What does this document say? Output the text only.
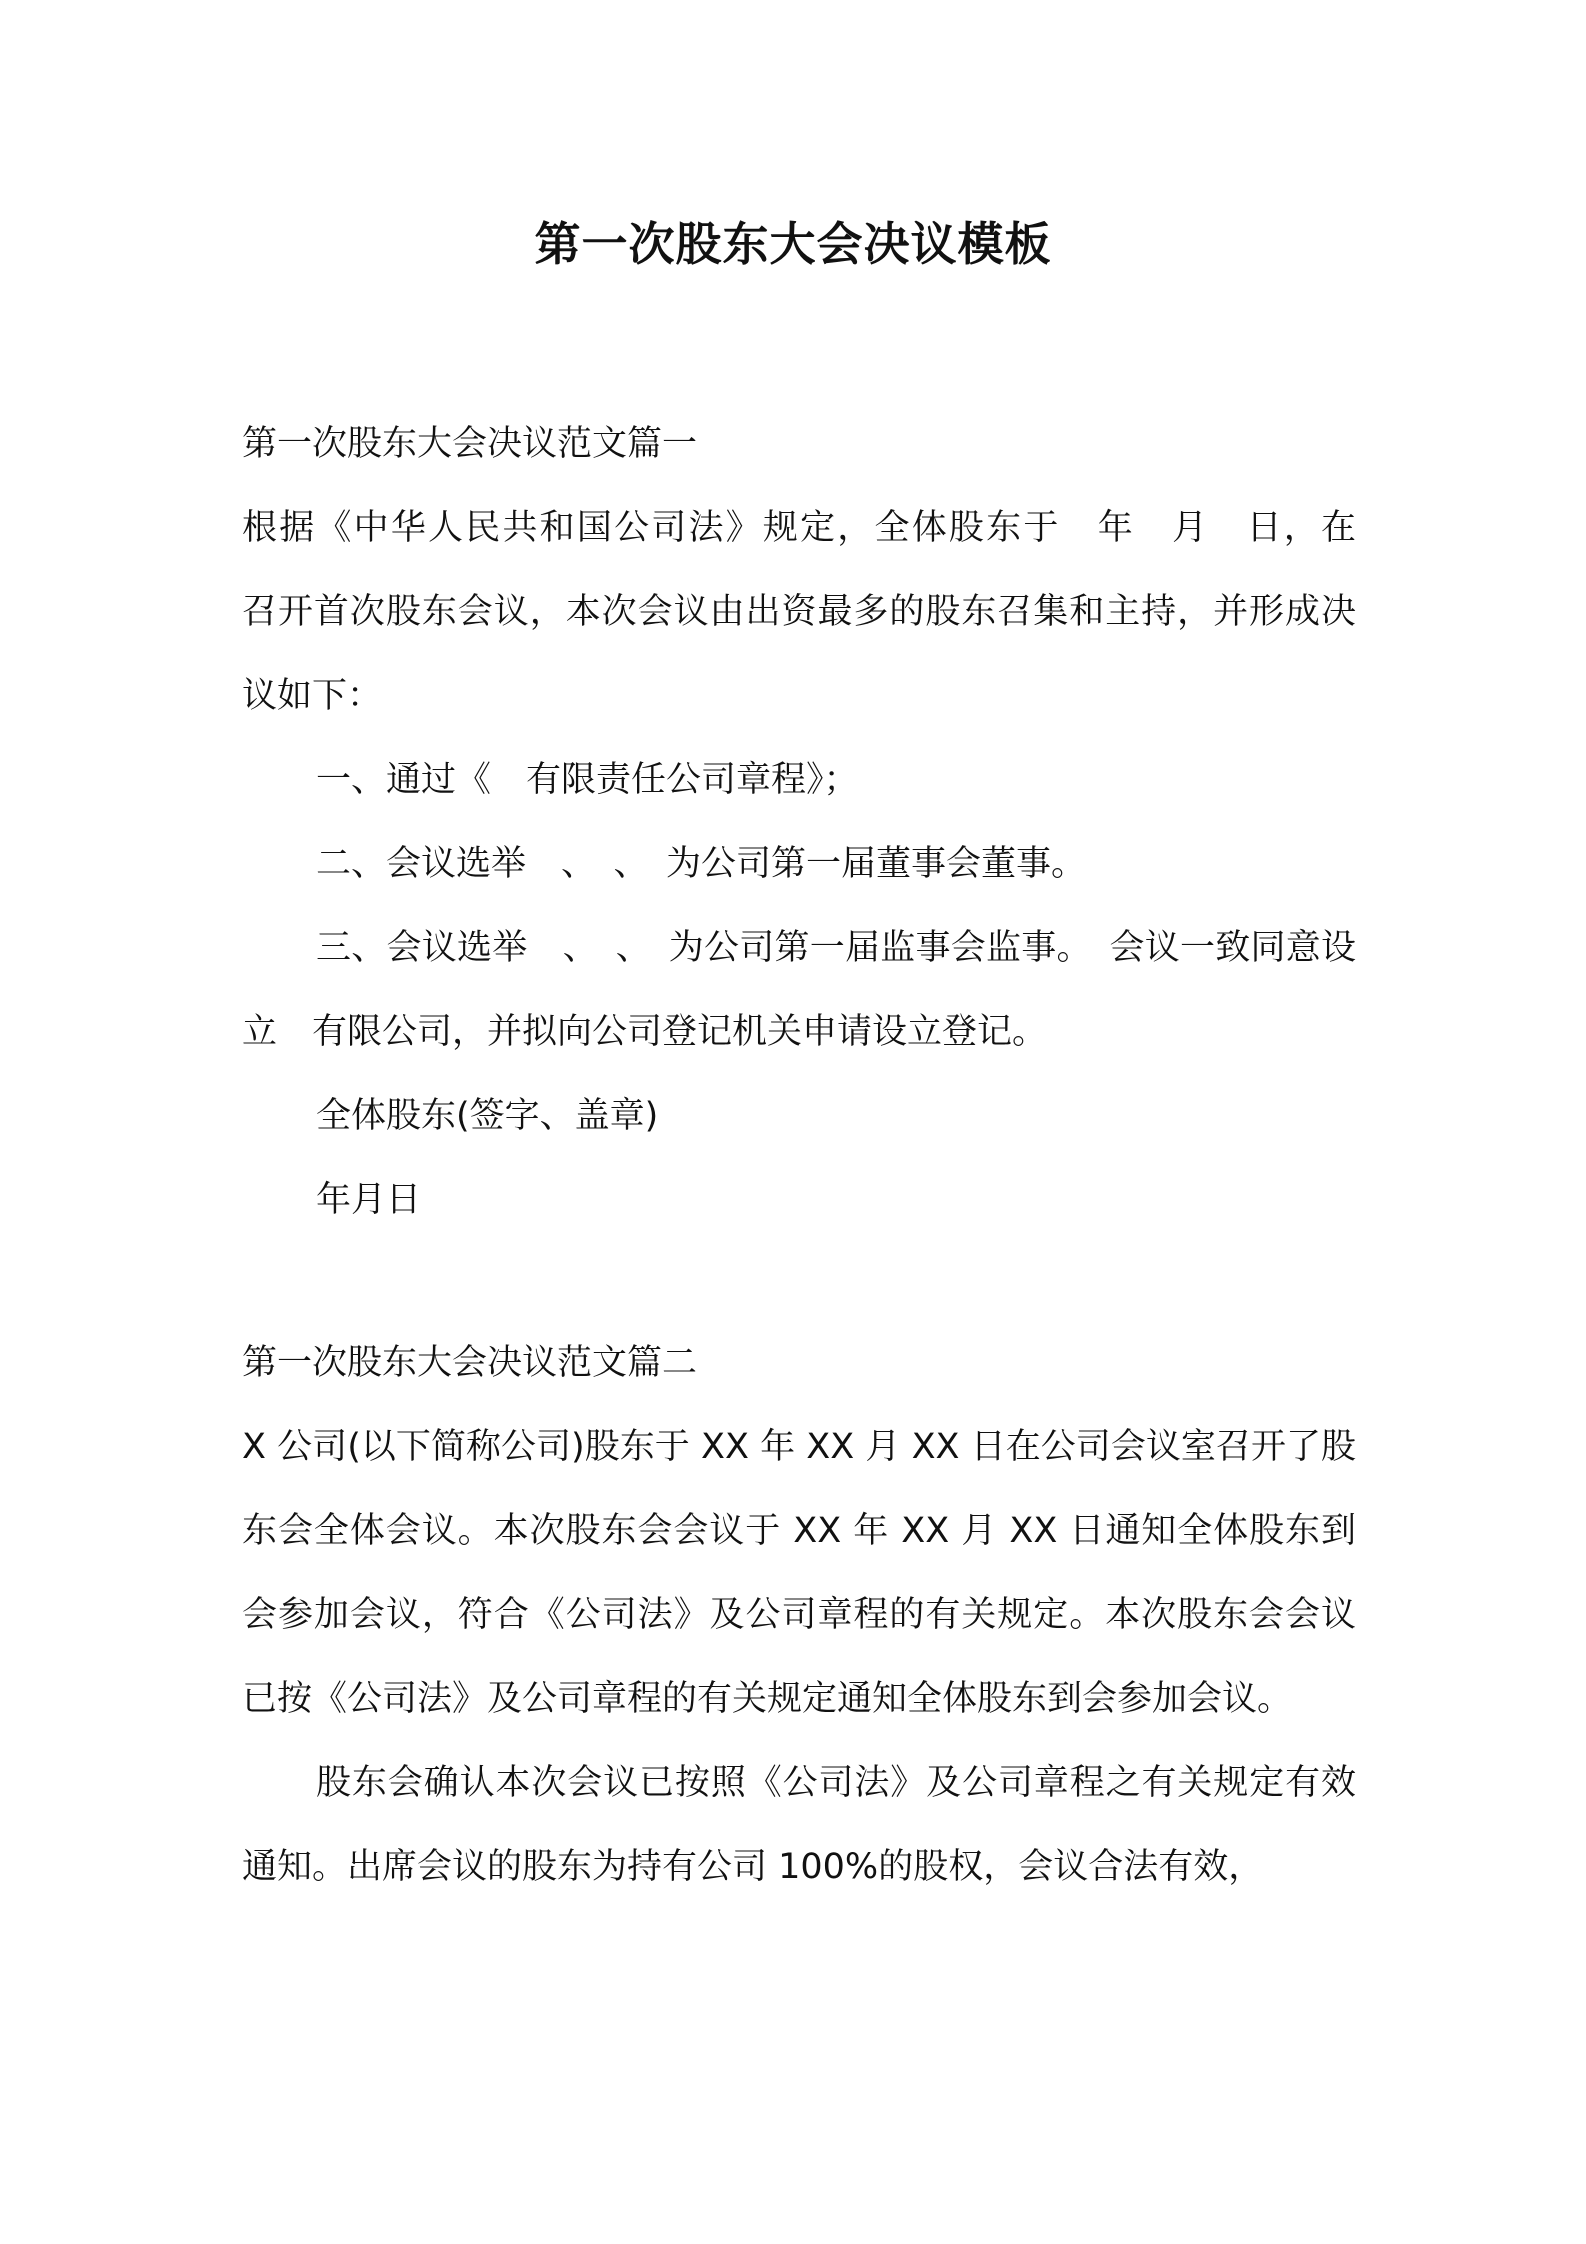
第一次股东大会决议模板

第一次股东大会决议范文篇一

根据《中华人民共和国公司法》规定，全体股东于　年　月　日，在　召开首次股东会议，本次会议由出资最多的股东召集和主持，并形成决议如下：

一、通过《　有限责任公司章程》；

二、会议选举　、　、　为公司第一届董事会董事。

三、会议选举　、　、　为公司第一届监事会监事。　会议一致同意设立　有限公司，并拟向公司登记机关申请设立登记。

全体股东(签字、盖章)

年月日

第一次股东大会决议范文篇二

X 公司(以下简称公司)股东于 XX 年 XX 月 XX 日在公司会议室召开了股东会全体会议。本次股东会会议于 XX 年 XX 月 XX 日通知全体股东到会参加会议，符合《公司法》及公司章程的有关规定。本次股东会会议已按《公司法》及公司章程的有关规定通知全体股东到会参加会议。

股东会确认本次会议已按照《公司法》及公司章程之有关规定有效通知。出席会议的股东为持有公司 100%的股权，会议合法有效，
